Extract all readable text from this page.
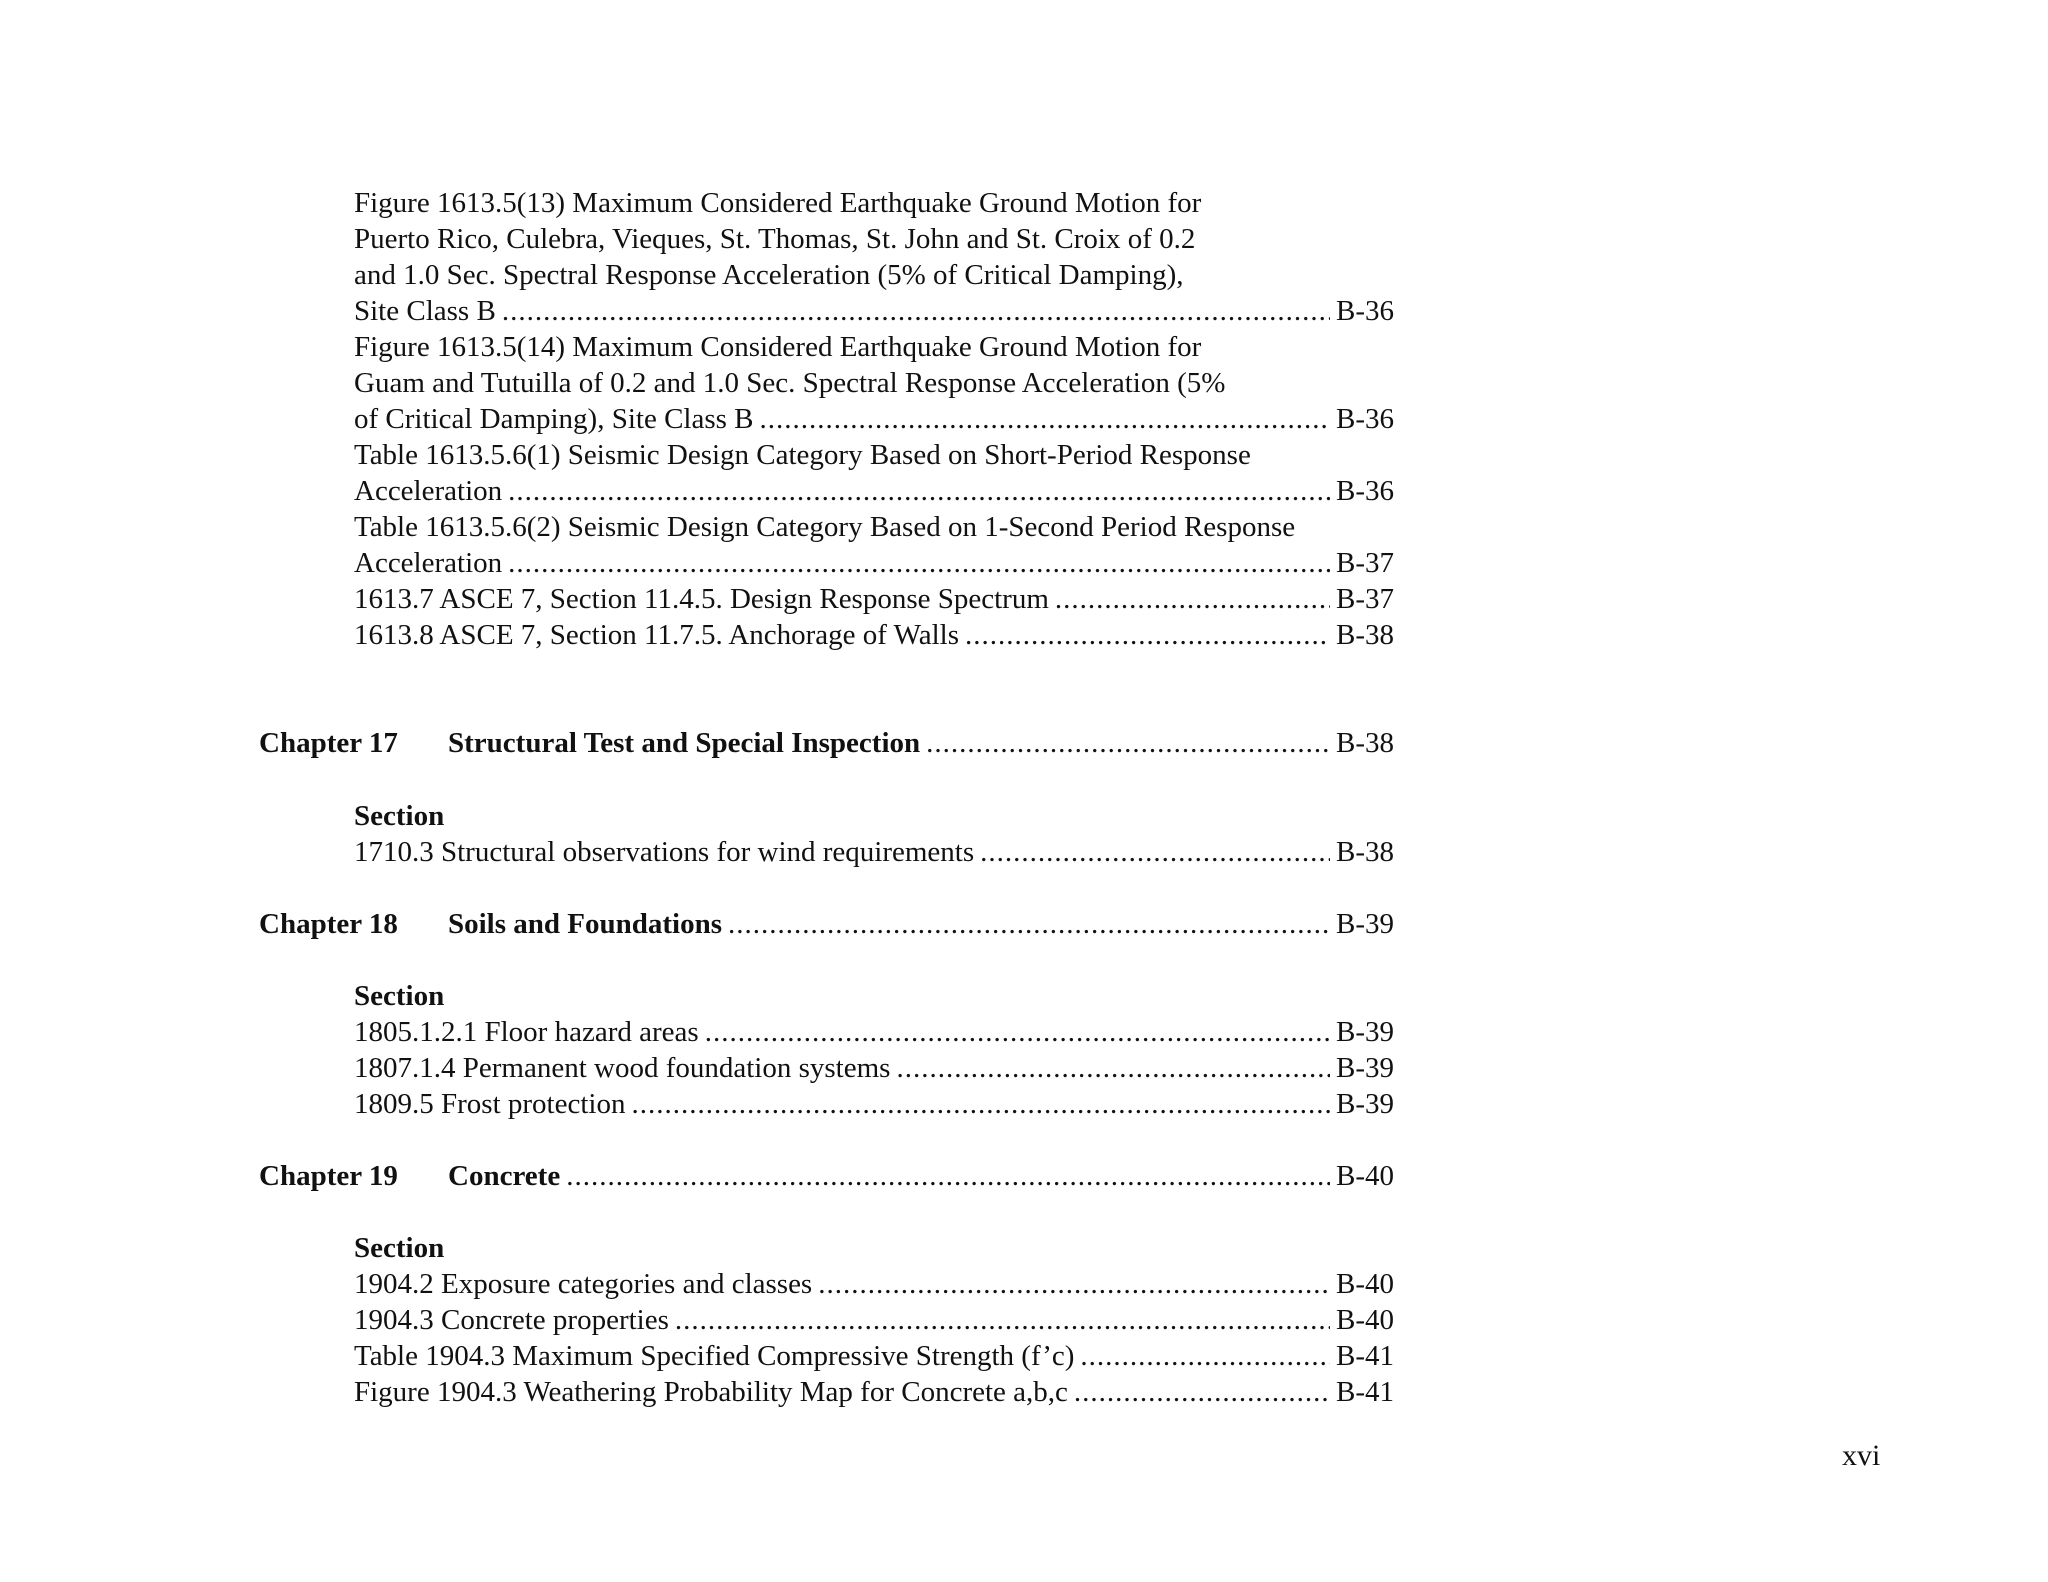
Figure 1613.5(13) Maximum Considered Earthquake Ground Motion for
Puerto Rico, Culebra, Vieques, St. Thomas, St. John and St. Croix of 0.2
and 1.0 Sec. Spectral Response Acceleration (5% of Critical Damping),
Site Class B .....	B-36
Figure 1613.5(14) Maximum Considered Earthquake Ground Motion for
Guam and Tutuilla of 0.2 and 1.0 Sec. Spectral Response Acceleration (5%
of Critical Damping), Site Class B .....	B-36
Table 1613.5.6(1) Seismic Design Category Based on Short-Period Response
Acceleration .....	B-36
Table 1613.5.6(2) Seismic Design Category Based on 1-Second Period Response
Acceleration .....	B-37
1613.7 ASCE 7, Section 11.4.5. Design Response Spectrum .....	B-37
1613.8 ASCE 7, Section 11.7.5. Anchorage of Walls .....	B-38
Chapter 17 Structural Test and Special Inspection .....	B-38
Section
1710.3 Structural observations for wind requirements .....	B-38
Chapter 18 Soils and Foundations .....	B-39
Section
1805.1.2.1 Floor hazard areas .....	B-39
1807.1.4 Permanent wood foundation systems .....	B-39
1809.5 Frost protection .....	B-39
Chapter 19 Concrete .....	B-40
Section
1904.2 Exposure categories and classes .....	B-40
1904.3 Concrete properties .....	B-40
Table 1904.3 Maximum Specified Compressive Strength (f’c) .....	B-41
Figure 1904.3 Weathering Probability Map for Concrete a,b,c .....	B-41
xvi
